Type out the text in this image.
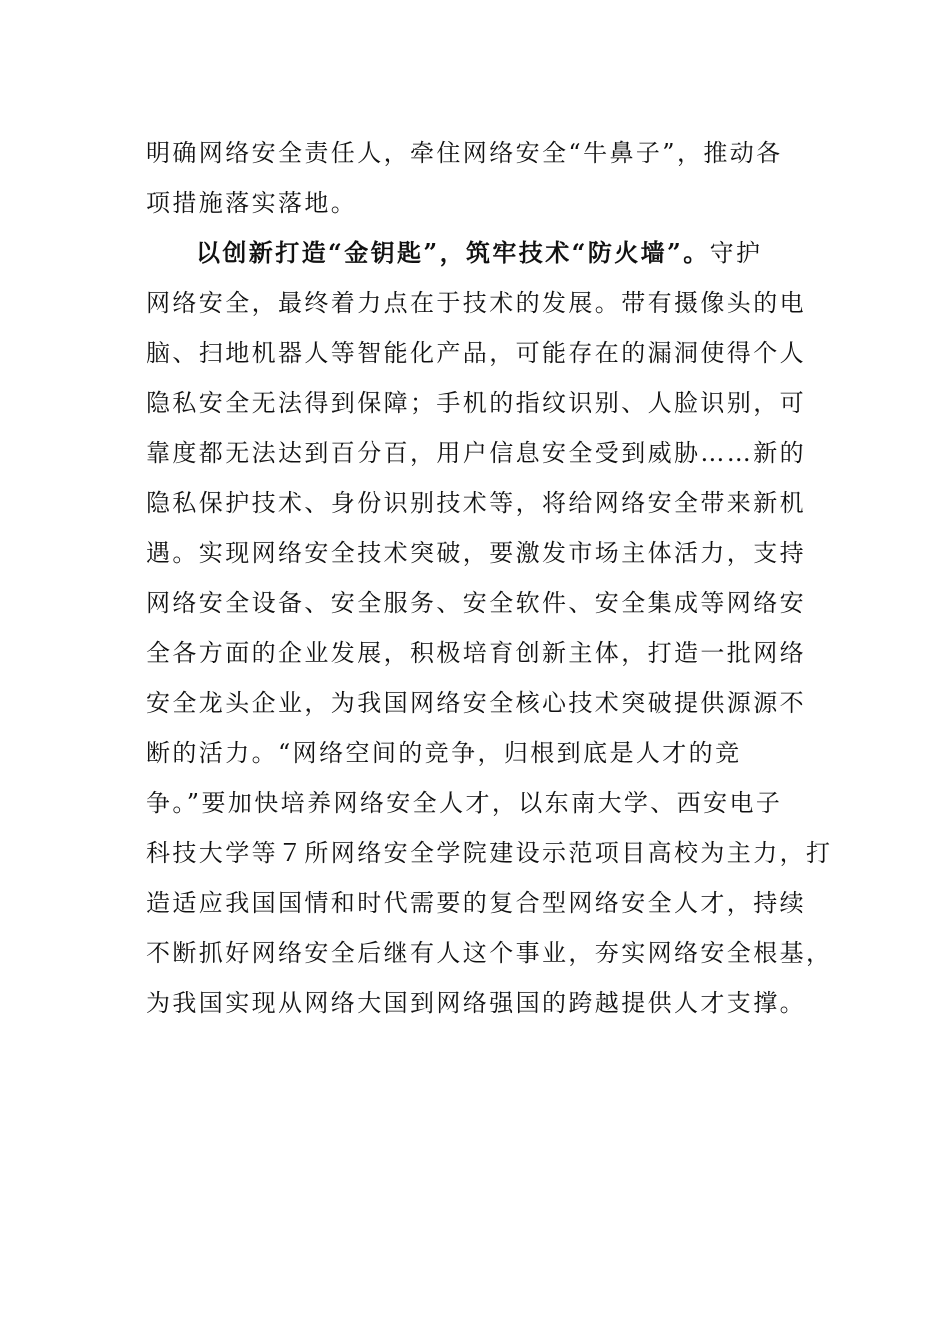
明确网络安全责任人，牵住网络安全“牛鼻子”，推动各
项措施落实落地。
以创新打造“金钥匙”，筑牢技术“防火墙”。守护
网络安全，最终着力点在于技术的发展。带有摄像头的电
脑、扫地机器人等智能化产品，可能存在的漏洞使得个人
隐私安全无法得到保障；手机的指纹识别、人脸识别，可
靠度都无法达到百分百，用户信息安全受到威胁……新的
隐私保护技术、身份识别技术等，将给网络安全带来新机
遇。实现网络安全技术突破，要激发市场主体活力，支持
网络安全设备、安全服务、安全软件、安全集成等网络安
全各方面的企业发展，积极培育创新主体，打造一批网络
安全龙头企业，为我国网络安全核心技术突破提供源源不
断的活力。“网络空间的竞争，归根到底是人才的竞
争。”要加快培养网络安全人才，以东南大学、西安电子
科技大学等７所网络安全学院建设示范项目高校为主力，打
造适应我国国情和时代需要的复合型网络安全人才，持续
不断抓好网络安全后继有人这个事业，夯实网络安全根基，
为我国实现从网络大国到网络强国的跨越提供人才支撑。
